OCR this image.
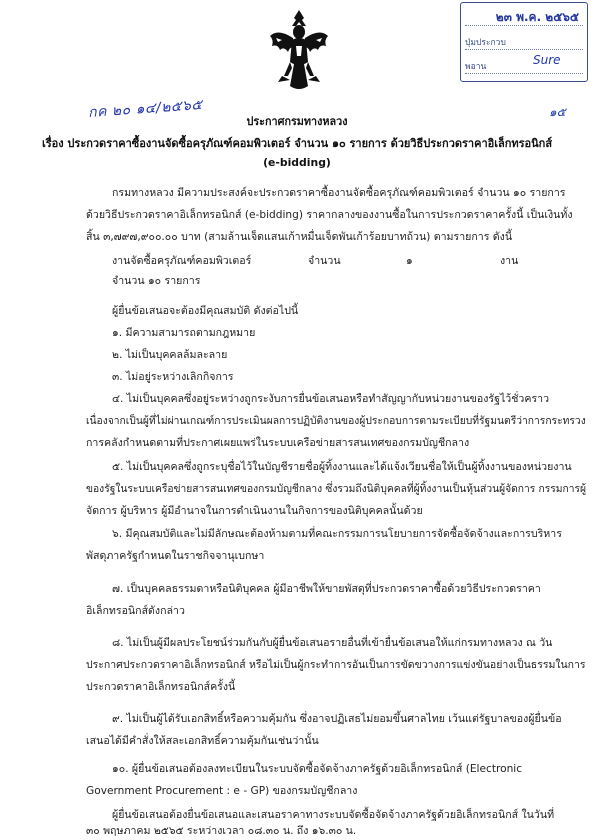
๒๓ พ.ค. ๒๕๖๕
ปุ่มประกวบ
Sure
พอาน
๑๕
กค ๒๐ ๑๔/๒๕๖๕
ประกาศกรมทางหลวง
เรื่อง ประกวดราคาซื้องานจัดซื้อครุภัณฑ์คอมพิวเตอร์ จำนวน ๑๐ รายการ ด้วยวิธีประกวดราคาอิเล็กทรอนิกส์
(e-bidding)
กรมทางหลวง มีความประสงค์จะประกวดราคาซื้องานจัดซื้อครุภัณฑ์คอมพิวเตอร์ จำนวน ๑๐ รายการ
ด้วยวิธีประกวดราคาอิเล็กทรอนิกส์ (e-bidding) ราคากลางของงานซื้อในการประกวดราคาครั้งนี้ เป็นเงินทั้ง
สิ้น ๓,๗๙๗,๙๐๐.๐๐ บาท (สามล้านเจ็ดแสนเก้าหมื่นเจ็ดพันเก้าร้อยบาทถ้วน) ตามรายการ ดังนี้
งานจัดซื้อครุภัณฑ์คอมพิวเตอร์	จำนวน	๑	งาน
จำนวน ๑๐ รายการ
ผู้ยื่นข้อเสนอจะต้องมีคุณสมบัติ ดังต่อไปนี้
๑. มีความสามารถตามกฎหมาย
๒. ไม่เป็นบุคคลล้มละลาย
๓. ไม่อยู่ระหว่างเลิกกิจการ
๔. ไม่เป็นบุคคลซึ่งอยู่ระหว่างถูกระงับการยื่นข้อเสนอหรือทำสัญญากับหน่วยงานของรัฐไว้ชั่วคราว
เนื่องจากเป็นผู้ที่ไม่ผ่านเกณฑ์การประเมินผลการปฏิบัติงานของผู้ประกอบการตามระเบียบที่รัฐมนตรีว่าการกระทรวง
การคลังกำหนดตามที่ประกาศเผยแพร่ในระบบเครือข่ายสารสนเทศของกรมบัญชีกลาง
๕. ไม่เป็นบุคคลซึ่งถูกระบุชื่อไว้ในบัญชีรายชื่อผู้ทิ้งงานและได้แจ้งเวียนชื่อให้เป็นผู้ทิ้งงานของหน่วยงาน
ของรัฐในระบบเครือข่ายสารสนเทศของกรมบัญชีกลาง ซึ่งรวมถึงนิติบุคคลที่ผู้ทิ้งงานเป็นหุ้นส่วนผู้จัดการ กรรมการผู้
จัดการ ผู้บริหาร ผู้มีอำนาจในการดำเนินงานในกิจการของนิติบุคคลนั้นด้วย
๖. มีคุณสมบัติและไม่มีลักษณะต้องห้ามตามที่คณะกรรมการนโยบายการจัดซื้อจัดจ้างและการบริหาร
พัสดุภาครัฐกำหนดในราชกิจจานุเบกษา
๗. เป็นบุคคลธรรมดาหรือนิติบุคคล ผู้มีอาชีพให้ขายพัสดุที่ประกวดราคาซื้อด้วยวิธีประกวดราคา
อิเล็กทรอนิกส์ดังกล่าว
๘. ไม่เป็นผู้มีผลประโยชน์ร่วมกันกับผู้ยื่นข้อเสนอรายอื่นที่เข้ายื่นข้อเสนอให้แก่กรมทางหลวง ณ วัน
ประกาศประกวดราคาอิเล็กทรอนิกส์ หรือไม่เป็นผู้กระทำการอันเป็นการขัดขวางการแข่งขันอย่างเป็นธรรมในการ
ประกวดราคาอิเล็กทรอนิกส์ครั้งนี้
๙. ไม่เป็นผู้ได้รับเอกสิทธิ์หรือความคุ้มกัน ซึ่งอาจปฏิเสธไม่ยอมขึ้นศาลไทย เว้นแต่รัฐบาลของผู้ยื่นข้อ
เสนอได้มีคำสั่งให้สละเอกสิทธิ์ความคุ้มกันเช่นว่านั้น
๑๐. ผู้ยื่นข้อเสนอต้องลงทะเบียนในระบบจัดซื้อจัดจ้างภาครัฐด้วยอิเล็กทรอนิกส์ (Electronic
Government Procurement : e - GP) ของกรมบัญชีกลาง
ผู้ยื่นข้อเสนอต้องยื่นข้อเสนอและเสนอราคาทางระบบจัดซื้อจัดจ้างภาครัฐด้วยอิเล็กทรอนิกส์ ในวันที่
๓๐ พฤษภาคม ๒๕๖๕ ระหว่างเวลา ๐๘.๓๐ น. ถึง ๑๖.๓๐ น.
